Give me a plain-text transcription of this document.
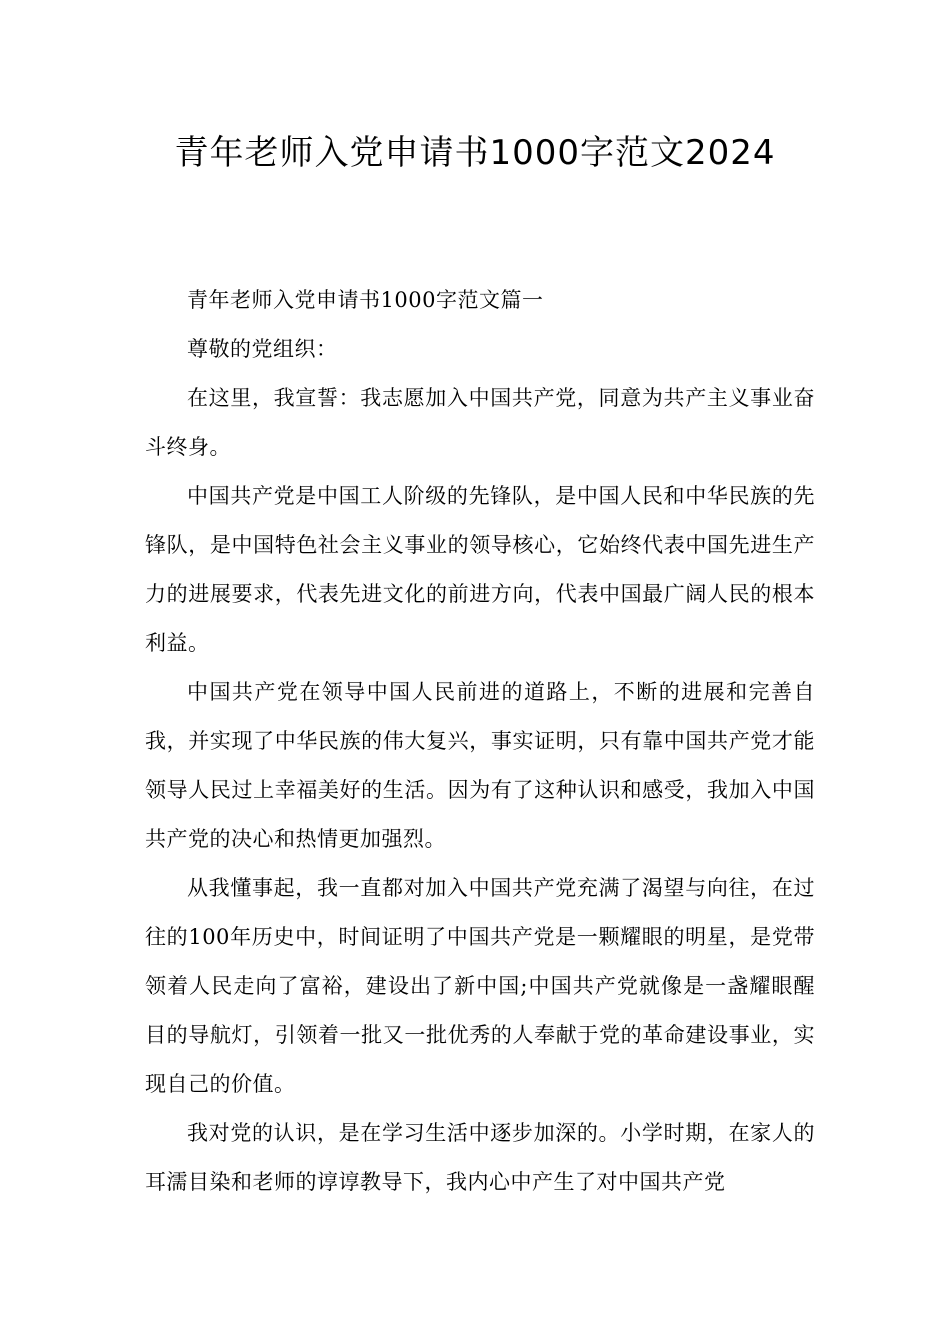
青年老师入党申请书1000字范文2024

青年老师入党申请书1000字范文篇一

尊敬的党组织：

在这里，我宣誓：我志愿加入中国共产党，同意为共产主义事业奋斗终身。

中国共产党是中国工人阶级的先锋队，是中国人民和中华民族的先锋队，是中国特色社会主义事业的领导核心，它始终代表中国先进生产力的进展要求，代表先进文化的前进方向，代表中国最广阔人民的根本利益。

中国共产党在领导中国人民前进的道路上，不断的进展和完善自我，并实现了中华民族的伟大复兴，事实证明，只有靠中国共产党才能领导人民过上幸福美好的生活。因为有了这种认识和感受，我加入中国共产党的决心和热情更加强烈。

从我懂事起，我一直都对加入中国共产党充满了渴望与向往，在过往的100年历史中，时间证明了中国共产党是一颗耀眼的明星，是党带领着人民走向了富裕，建设出了新中国;中国共产党就像是一盏耀眼醒目的导航灯，引领着一批又一批优秀的人奉献于党的革命建设事业，实现自己的价值。

我对党的认识，是在学习生活中逐步加深的。小学时期，在家人的耳濡目染和老师的谆谆教导下，我内心中产生了对中国共产党
